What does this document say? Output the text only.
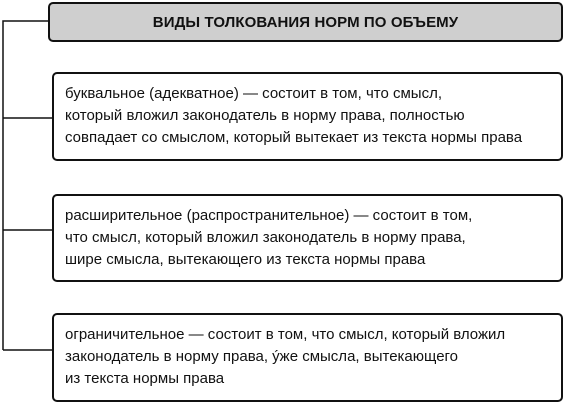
ВИДЫ ТОЛКОВАНИЯ НОРМ ПО ОБЪЕМУ

буквальное (адекватное) — состоит в том, что смысл,
который вложил законодатель в норму права, полностью
совпадает со смыслом, который вытекает из текста нормы права

расширительное (распространительное) — состоит в том,
что смысл, который вложил законодатель в норму права,
шире смысла, вытекающего из текста нормы права

ограничительное — состоит в том, что смысл, который вложил
законодатель в норму права, ýже смысла, вытекающего
из текста нормы права
